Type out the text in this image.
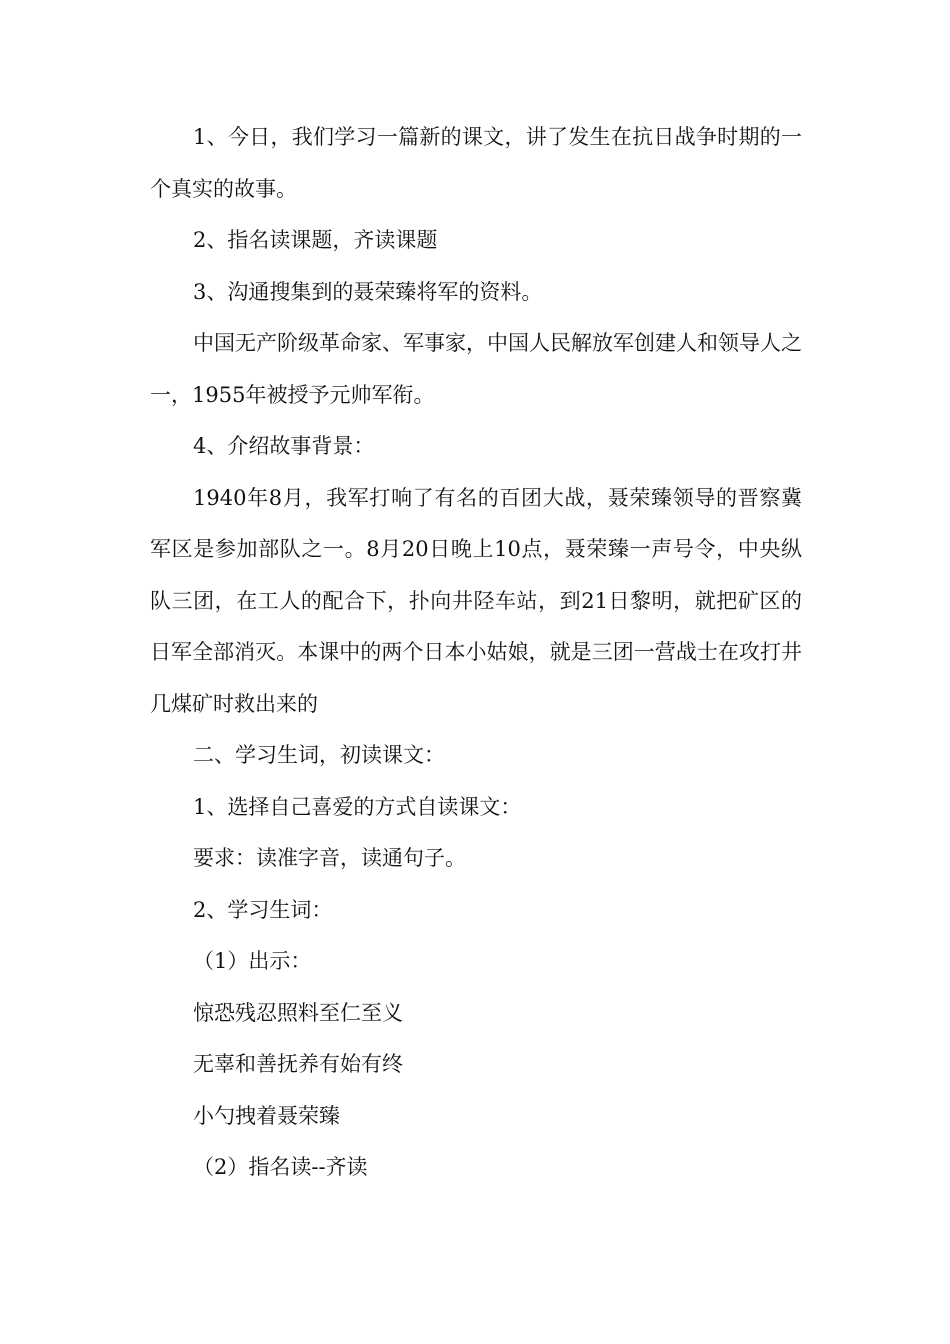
1、今日，我们学习一篇新的课文，讲了发生在抗日战争时期的一个真实的故事。

2、指名读课题，齐读课题

3、沟通搜集到的聂荣臻将军的资料。

中国无产阶级革命家、军事家，中国人民解放军创建人和领导人之一，1955年被授予元帅军衔。

4、介绍故事背景：

1940年8月，我军打响了有名的百团大战，聂荣臻领导的晋察冀军区是参加部队之一。8月20日晚上10点，聂荣臻一声号令，中央纵队三团，在工人的配合下，扑向井陉车站，到21日黎明，就把矿区的日军全部消灭。本课中的两个日本小姑娘，就是三团一营战士在攻打井几煤矿时救出来的

二、学习生词，初读课文：

1、选择自己喜爱的方式自读课文：

要求：读准字音，读通句子。

2、学习生词：

（1）出示：

惊恐残忍照料至仁至义

无辜和善抚养有始有终

小勺拽着聂荣臻

（2）指名读--齐读
